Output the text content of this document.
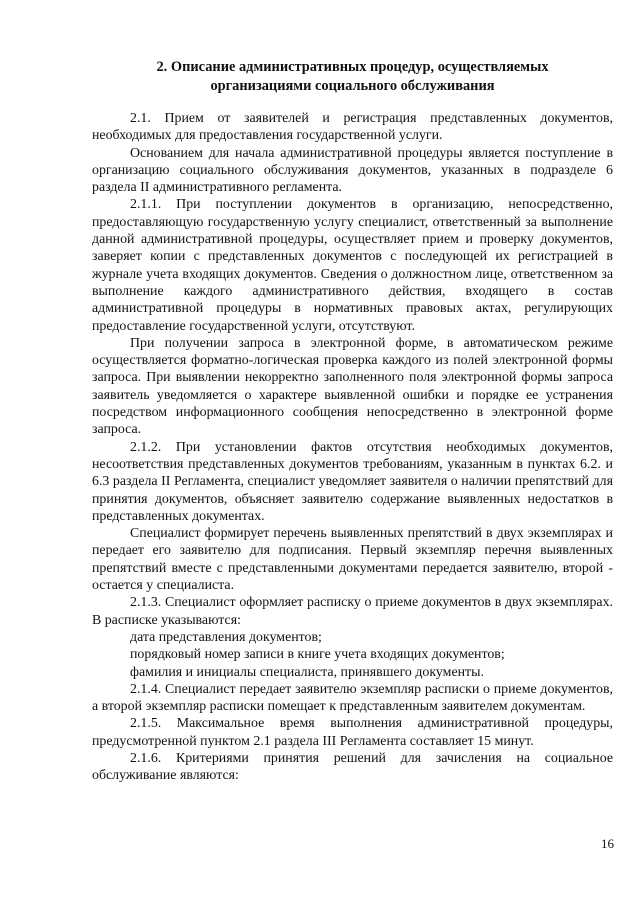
2. Описание административных процедур, осуществляемых
организациями социального обслуживания

2.1. Прием от заявителей и регистрация представленных документов, необходимых для предоставления государственной услуги.

Основанием для начала административной процедуры является поступление в организацию социального обслуживания документов, указанных в подразделе 6 раздела II административного регламента.

2.1.1. При поступлении документов в организацию, непосредственно, предоставляющую государственную услугу специалист, ответственный за выполнение данной административной процедуры, осуществляет прием и проверку документов, заверяет копии с представленных документов с последующей их регистрацией в журнале учета входящих документов. Сведения о должностном лице, ответственном за выполнение каждого административного действия, входящего в состав административной процедуры в нормативных правовых актах, регулирующих предоставление государственной услуги, отсутствуют.

При получении запроса в электронной форме, в автоматическом режиме осуществляется форматно-логическая проверка каждого из полей электронной формы запроса. При выявлении некорректно заполненного поля электронной формы запроса заявитель уведомляется о характере выявленной ошибки и порядке ее устранения посредством информационного сообщения непосредственно в электронной форме запроса.

2.1.2. При установлении фактов отсутствия необходимых документов, несоответствия представленных документов требованиям, указанным в пунктах 6.2. и 6.3 раздела II Регламента, специалист уведомляет заявителя о наличии препятствий для принятия документов, объясняет заявителю содержание выявленных недостатков в представленных документах.

Специалист формирует перечень выявленных препятствий в двух экземплярах и передает его заявителю для подписания. Первый экземпляр перечня выявленных препятствий вместе с представленными документами передается заявителю, второй - остается у специалиста.

2.1.3. Специалист оформляет расписку о приеме документов в двух экземплярах. В расписке указываются:

дата представления документов;

порядковый номер записи в книге учета входящих документов;

фамилия и инициалы специалиста, принявшего документы.

2.1.4. Специалист передает заявителю экземпляр расписки о приеме документов, а второй экземпляр расписки помещает к представленным заявителем документам.

2.1.5. Максимальное время выполнения административной процедуры, предусмотренной пунктом 2.1 раздела III Регламента составляет 15 минут.

2.1.6. Критериями принятия решений для зачисления на социальное обслуживание являются:

16
